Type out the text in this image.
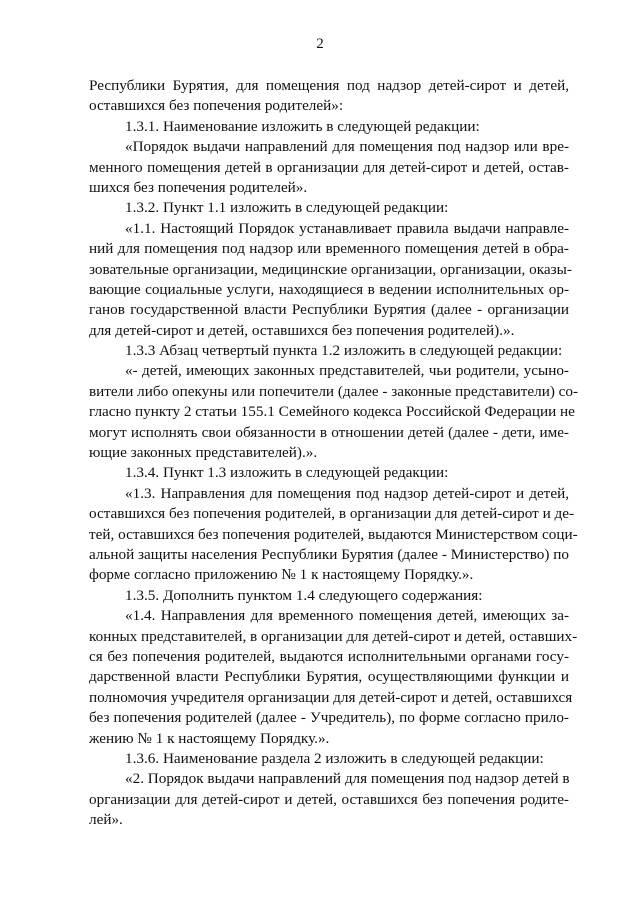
2
Республики Бурятия, для помещения под надзор детей-сирот и детей,
оставшихся без попечения родителей»:
1.3.1. Наименование изложить в следующей редакции:
«Порядок выдачи направлений для помещения под надзор или вре-
менного помещения детей в организации для детей-сирот и детей, остав-
шихся без попечения родителей».
1.3.2. Пункт 1.1 изложить в следующей редакции:
«1.1. Настоящий Порядок устанавливает правила выдачи направле-
ний для помещения под надзор или временного помещения детей в обра-
зовательные организации, медицинские организации, организации, оказы-
вающие социальные услуги, находящиеся в ведении исполнительных ор-
ганов государственной власти Республики Бурятия (далее - организации
для детей-сирот и детей, оставшихся без попечения родителей).».
1.3.3 Абзац четвертый пункта 1.2 изложить в следующей редакции:
«- детей, имеющих законных представителей, чьи родители, усыно-
вители либо опекуны или попечители (далее - законные представители) со-
гласно пункту 2 статьи 155.1 Семейного кодекса Российской Федерации не
могут исполнять свои обязанности в отношении детей (далее - дети, име-
ющие законных представителей).».
1.3.4. Пункт 1.3 изложить в следующей редакции:
«1.3. Направления для помещения под надзор детей-сирот и детей,
оставшихся без попечения родителей, в организации для детей-сирот и де-
тей, оставшихся без попечения родителей, выдаются Министерством соци-
альной защиты населения Республики Бурятия (далее - Министерство) по
форме согласно приложению № 1 к настоящему Порядку.».
1.3.5. Дополнить пунктом 1.4 следующего содержания:
«1.4. Направления для временного помещения детей, имеющих за-
конных представителей, в организации для детей-сирот и детей, оставших-
ся без попечения родителей, выдаются исполнительными органами госу-
дарственной власти Республики Бурятия, осуществляющими функции и
полномочия учредителя организации для детей-сирот и детей, оставшихся
без попечения родителей (далее - Учредитель), по форме согласно прило-
жению № 1 к настоящему Порядку.».
1.3.6. Наименование раздела 2 изложить в следующей редакции:
«2. Порядок выдачи направлений для помещения под надзор детей в
организации для детей-сирот и детей, оставшихся без попечения родите-
лей».
